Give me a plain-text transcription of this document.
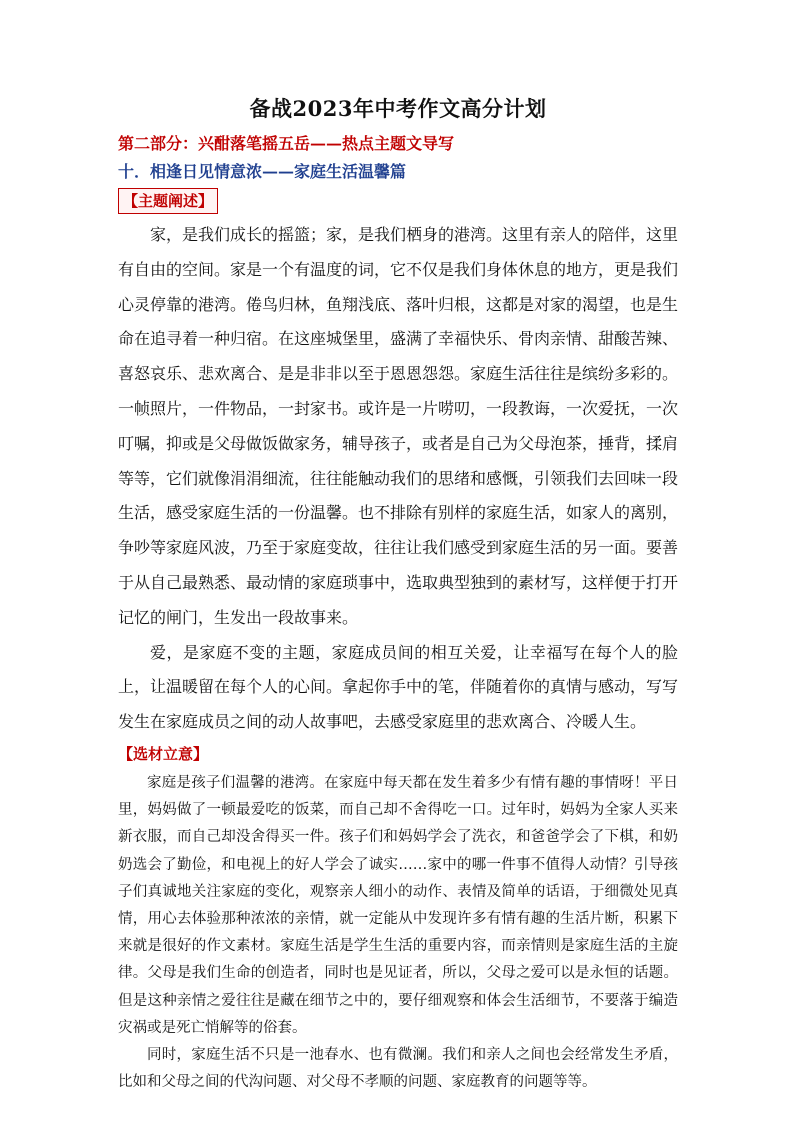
备战2023年中考作文高分计划

第二部分：兴酣落笔摇五岳——热点主题文导写

十．相逢日见情意浓——家庭生活温馨篇

【主题阐述】

家，是我们成长的摇篮；家，是我们栖身的港湾。这里有亲人的陪伴，这里有自由的空间。家是一个有温度的词，它不仅是我们身体休息的地方，更是我们心灵停靠的港湾。倦鸟归林，鱼翔浅底、落叶归根，这都是对家的渴望，也是生命在追寻着一种归宿。在这座城堡里，盛满了幸福快乐、骨肉亲情、甜酸苦辣、喜怒哀乐、悲欢离合、是是非非以至于恩恩怨怨。家庭生活往往是缤纷多彩的。一帧照片，一件物品，一封家书。或许是一片唠叨，一段教诲，一次爱抚，一次叮嘱，抑或是父母做饭做家务，辅导孩子，或者是自己为父母泡茶，捶背，揉肩等等，它们就像涓涓细流，往往能触动我们的思绪和感慨，引领我们去回味一段生活，感受家庭生活的一份温馨。也不排除有别样的家庭生活，如家人的离别，争吵等家庭风波，乃至于家庭变故，往往让我们感受到家庭生活的另一面。要善于从自己最熟悉、最动情的家庭琐事中，选取典型独到的素材写，这样便于打开记忆的闸门，生发出一段故事来。

爱，是家庭不变的主题，家庭成员间的相互关爱，让幸福写在每个人的脸上，让温暖留在每个人的心间。拿起你手中的笔，伴随着你的真情与感动，写写发生在家庭成员之间的动人故事吧，去感受家庭里的悲欢离合、冷暖人生。

【选材立意】

家庭是孩子们温馨的港湾。在家庭中每天都在发生着多少有情有趣的事情呀！平日里，妈妈做了一顿最爱吃的饭菜，而自己却不舍得吃一口。过年时，妈妈为全家人买来新衣服，而自己却没舍得买一件。孩子们和妈妈学会了洗衣，和爸爸学会了下棋，和奶奶选会了勤俭，和电视上的好人学会了诚实……家中的哪一件事不值得人动情？引导孩子们真诚地关注家庭的变化，观察亲人细小的动作、表情及简单的话语，于细微处见真情，用心去体验那种浓浓的亲情，就一定能从中发现许多有情有趣的生活片断，积累下来就是很好的作文素材。家庭生活是学生生活的重要内容，而亲情则是家庭生活的主旋律。父母是我们生命的创造者，同时也是见证者，所以，父母之爱可以是永恒的话题。但是这种亲情之爱往往是藏在细节之中的，要仔细观察和体会生活细节，不要落于编造灾祸或是死亡悄解等的俗套。

同时，家庭生活不只是一池春水、也有微澜。我们和亲人之间也会经常发生矛盾，比如和父母之间的代沟问题、对父母不孝顺的问题、家庭教育的问题等等。
